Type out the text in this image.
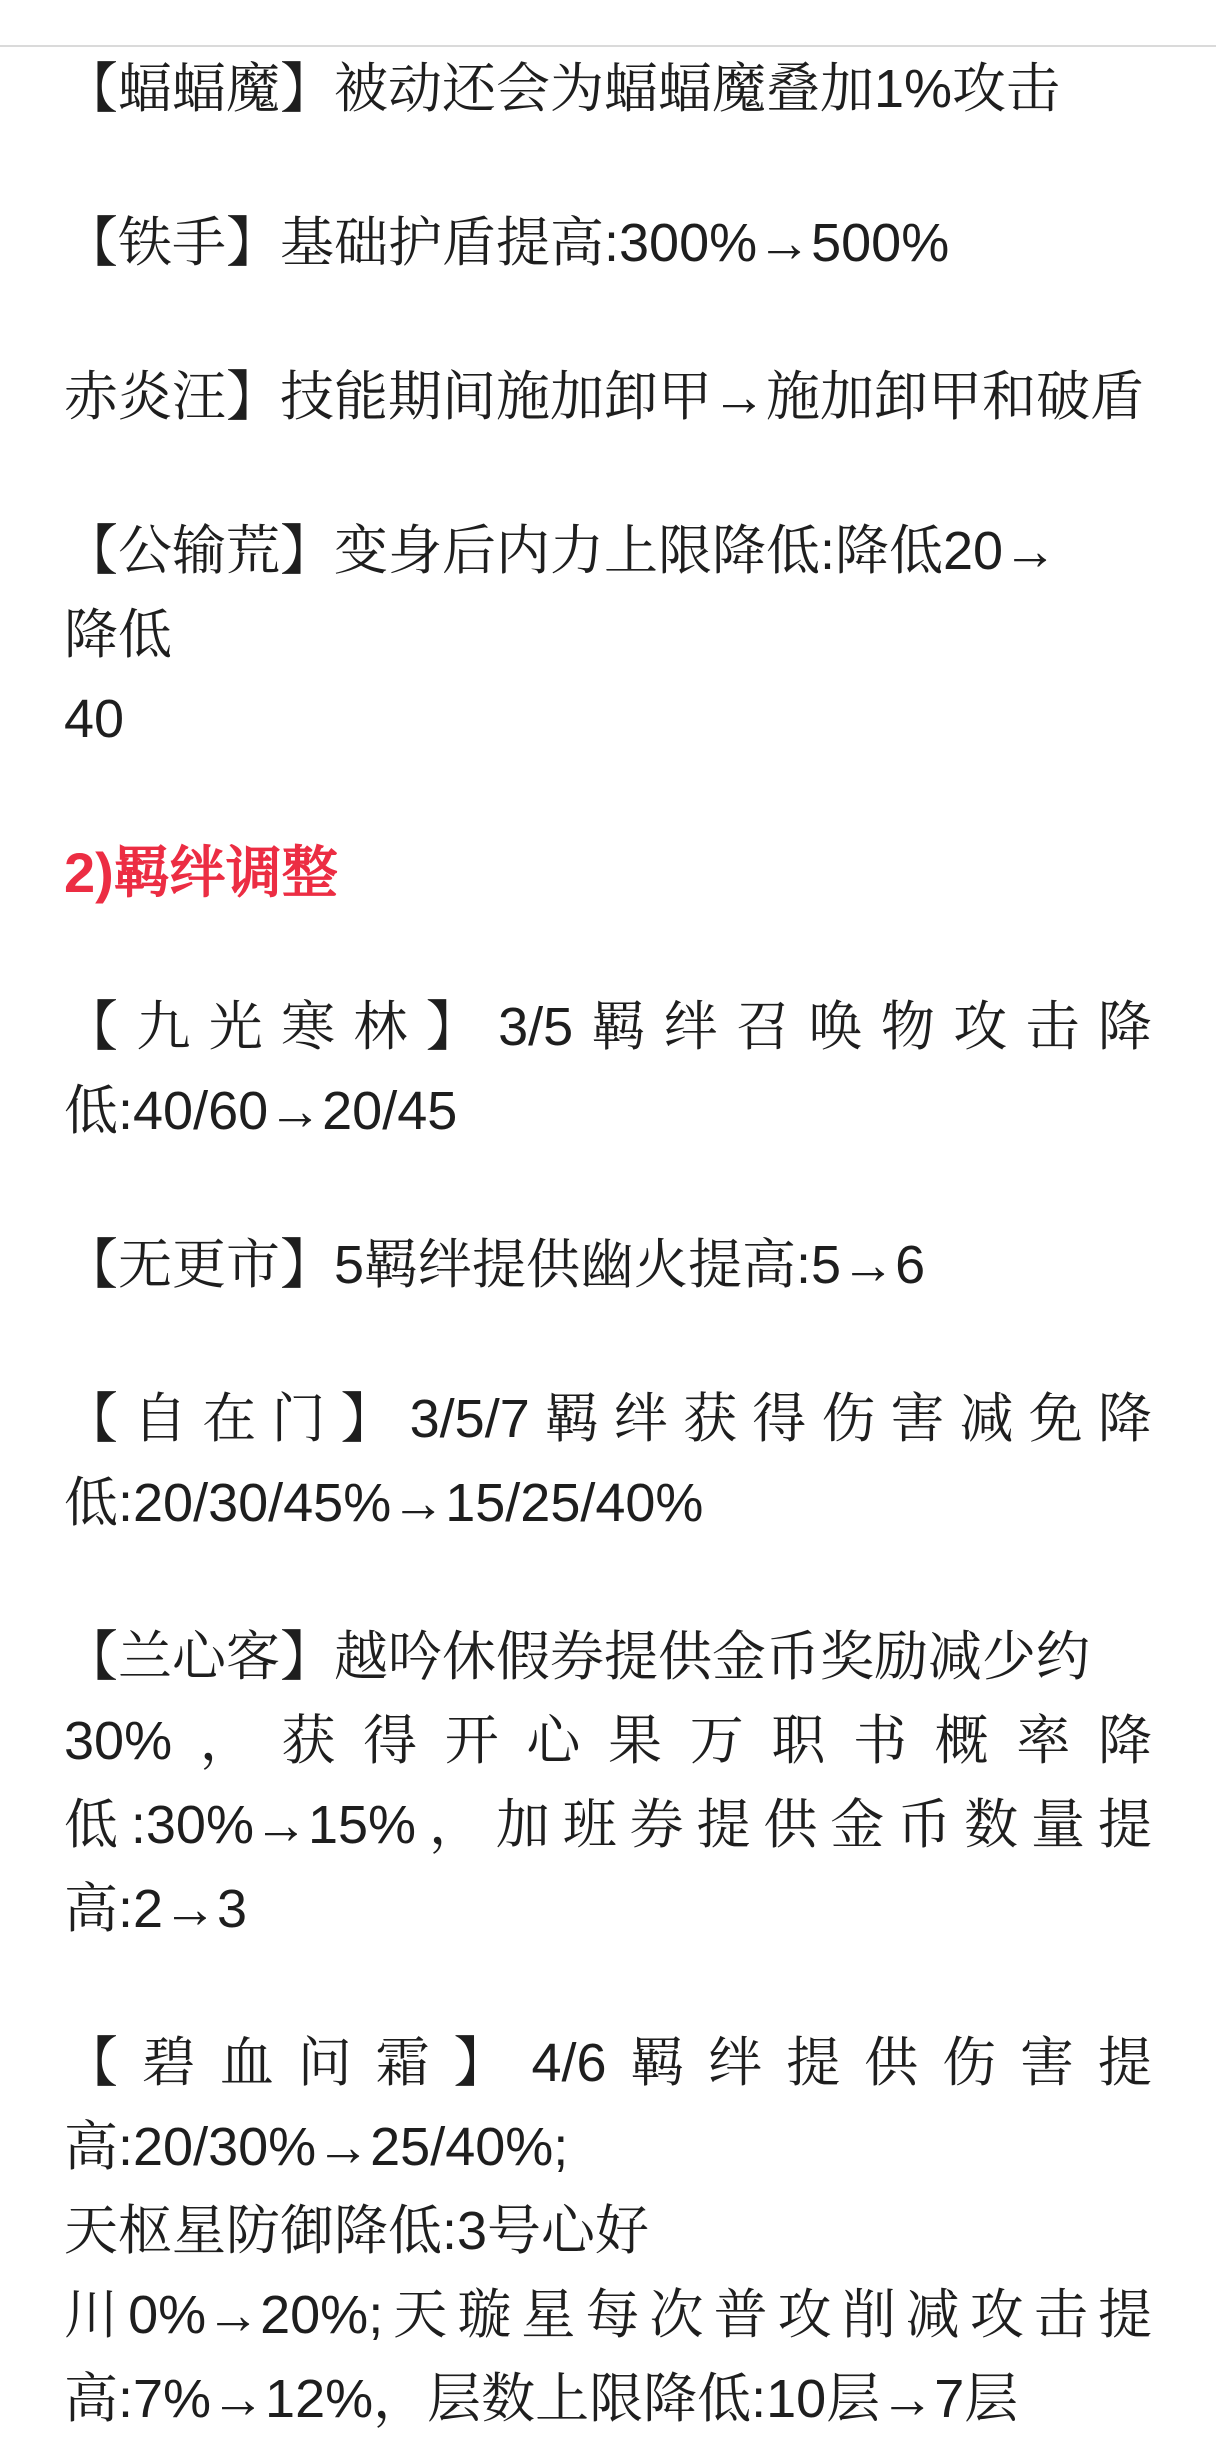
【蝠蝠魔】被动还会为蝠蝠魔叠加1%攻击

【铁手】基础护盾提高:300%→500%

赤炎汪】技能期间施加卸甲→施加卸甲和破盾

【公输荒】变身后内力上限降低:降低20→降低
40

2)羁绊调整

【 九 光 寒 林 】 3/5 羁 绊 召 唤 物 攻 击 降
低:40/60→20/45

【无更市】5羁绊提供幽火提高:5→6

【 自 在 门 】 3/5/7 羁 绊 获 得 伤 害 减 免 降
低:20/30/45%→15/25/40%

【兰心客】越吟休假券提供金币奖励减少约
30% ， 获 得 开 心 果 万 职 书 概 率 降
低 :30%→15% ， 加 班 券 提 供 金 币 数 量 提
高:2→3

【 碧 血 问 霜 】 4/6 羁 绊 提 供 伤 害 提
高:20/30%→25/40%;天枢星防御降低:3号心好
川 0%→20%; 天 璇 星 每 次 普 攻 削 减 攻 击 提
高:7%→12%，层数上限降低:10层→7层
